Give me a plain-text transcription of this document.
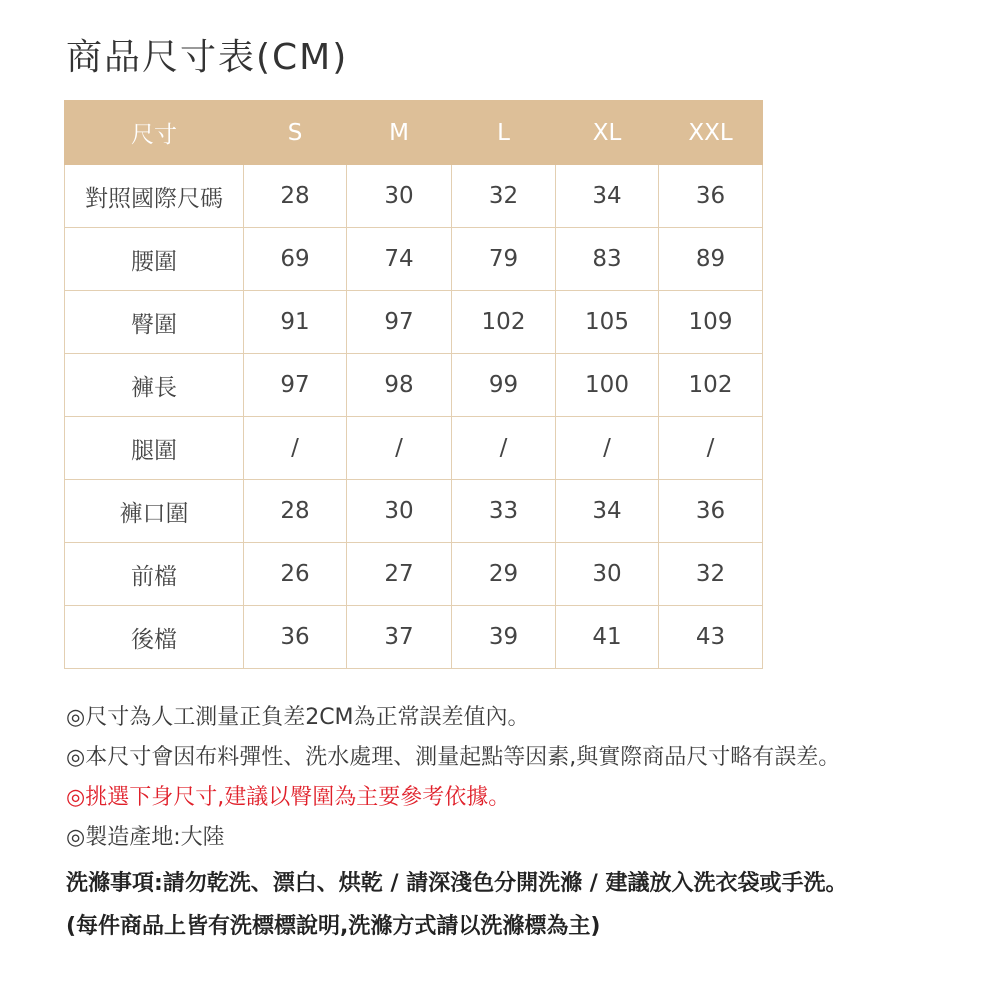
商品尺寸表(CM)
尺寸	S	M	L	XL	XXL
對照國際尺碼	28	30	32	34	36
腰圍	69	74	79	83	89
臀圍	91	97	102	105	109
褲長	97	98	99	100	102
腿圍	/	/	/	/	/
褲口圍	28	30	33	34	36
前檔	26	27	29	30	32
後檔	36	37	39	41	43
◎尺寸為人工測量正負差2CM為正常誤差值內。
◎本尺寸會因布料彈性、洗水處理、測量起點等因素,與實際商品尺寸略有誤差。
◎挑選下身尺寸,建議以臀圍為主要參考依據。
◎製造產地:大陸
洗滌事項:請勿乾洗、漂白、烘乾 / 請深淺色分開洗滌 / 建議放入洗衣袋或手洗。
(每件商品上皆有洗標標說明,洗滌方式請以洗滌標為主)
